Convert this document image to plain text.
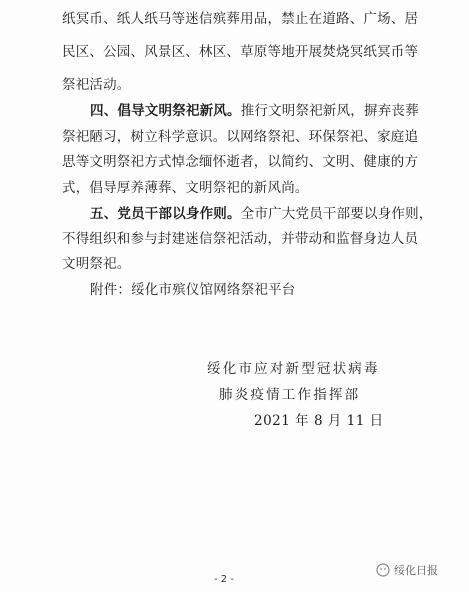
纸冥币、纸人纸马等迷信殡葬用品，禁止在道路、广场、居
民区、公园、风景区、林区、草原等地开展焚烧冥纸冥币等
祭祀活动。
四、倡导文明祭祀新风。推行文明祭祀新风，摒弃丧葬
祭祀陋习，树立科学意识。以网络祭祀、环保祭祀、家庭追
思等文明祭祀方式悼念缅怀逝者，以简约、文明、健康的方
式，倡导厚养薄葬、文明祭祀的新风尚。
五、党员干部以身作则。全市广大党员干部要以身作则，
不得组织和参与封建迷信祭祀活动，并带动和监督身边人员
文明祭祀。
附件：绥化市殡仪馆网络祭祀平台
绥化市应对新型冠状病毒
肺炎疫情工作指挥部
2021 年 8 月 11 日
- 2 -
绥化日报
